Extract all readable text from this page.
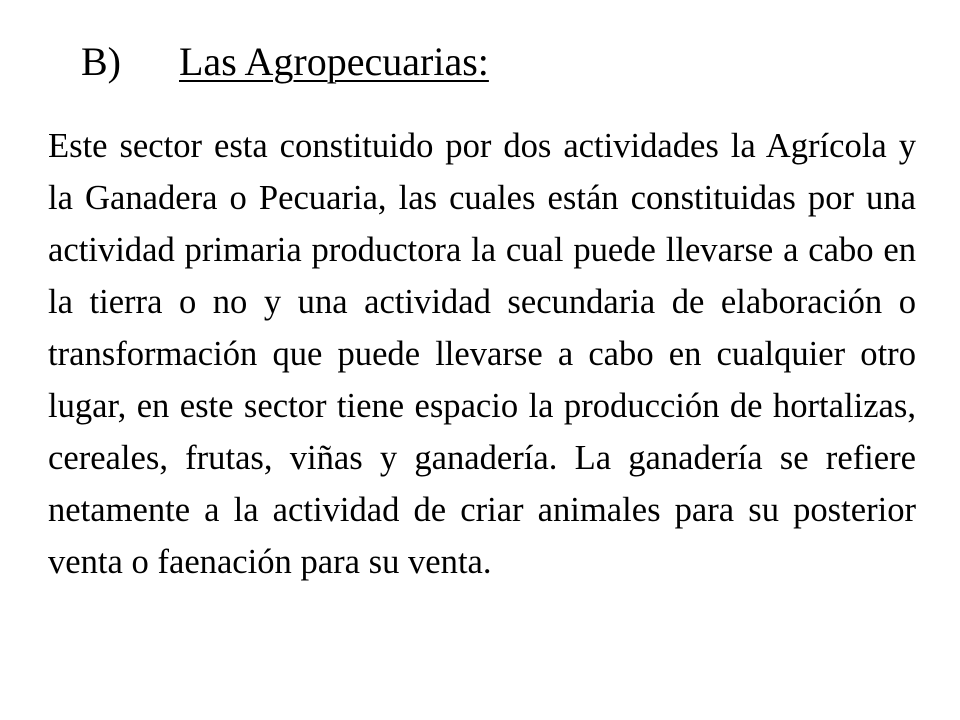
B) Las Agropecuarias:

Este sector esta constituido por dos actividades la Agrícola y la Ganadera o Pecuaria, las cuales están constituidas por una actividad primaria productora la cual puede llevarse a cabo en la tierra o no y una actividad secundaria de elaboración o transformación que puede llevarse a cabo en cualquier otro lugar, en este sector tiene espacio la producción de hortalizas, cereales, frutas, viñas y ganadería. La ganadería se refiere netamente a la actividad de criar animales para su posterior venta o faenación para su venta.
